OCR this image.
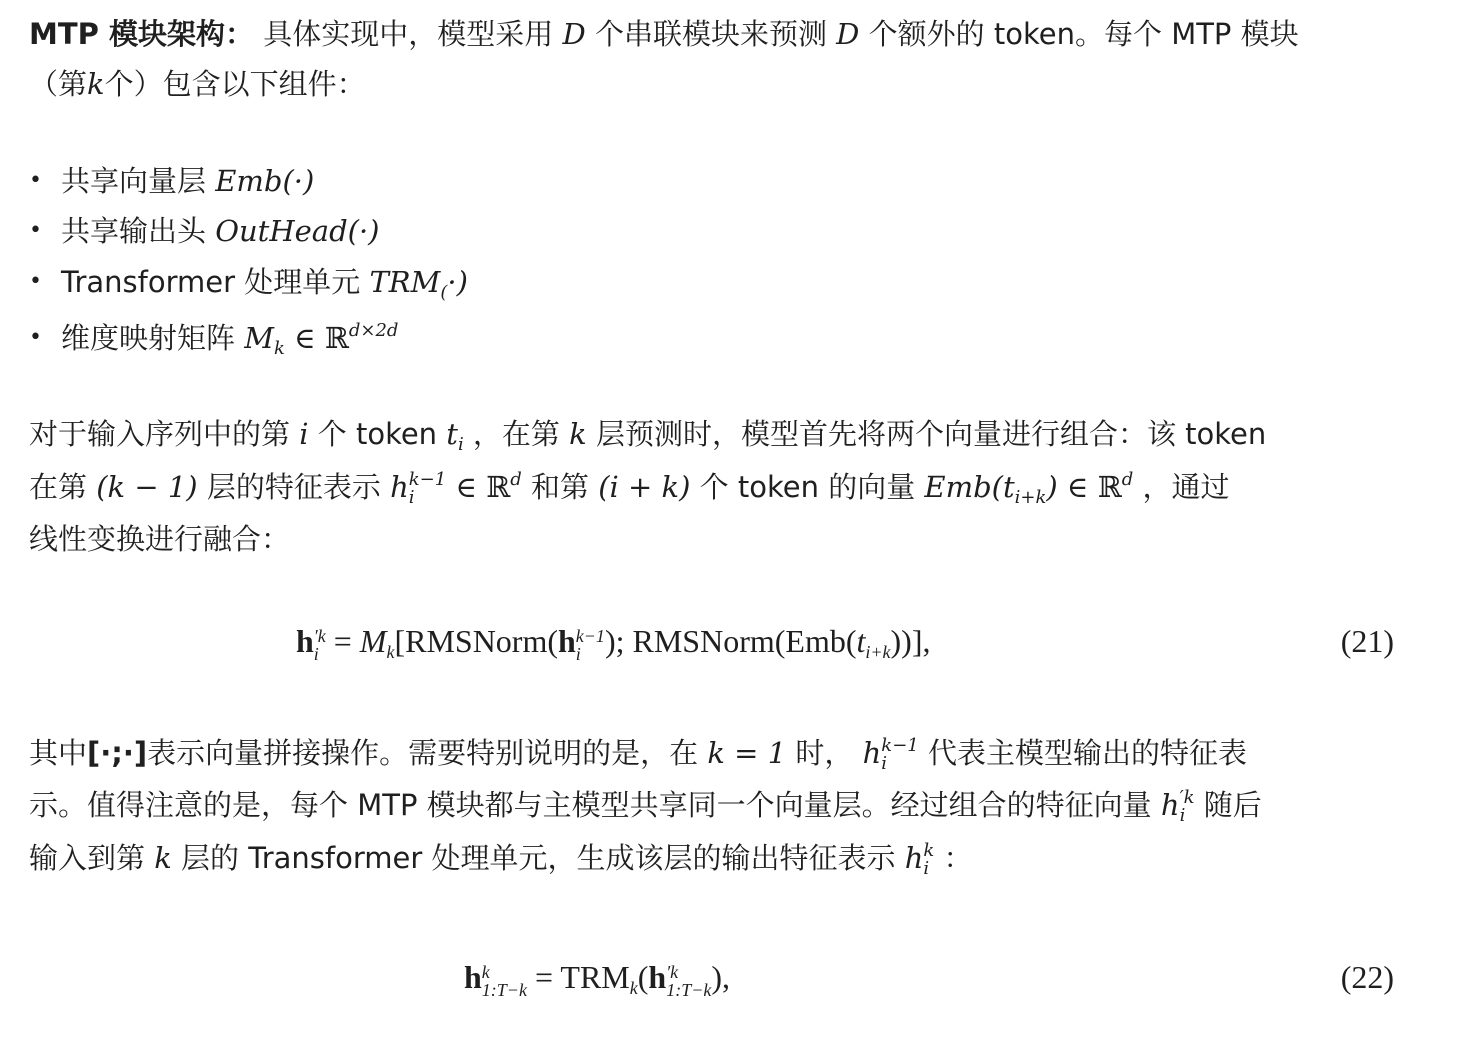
MTP 模块架构： 具体实现中，模型采用 D 个串联模块来预测 D 个额外的 token。每个 MTP 模块
（第k个）包含以下组件：
• 共享向量层 Emb(·)
• 共享输出头 OutHead(·)
• Transformer 处理单元 $TRM_(\cdot$)
• 维度映射矩阵 $M_k$ ∈ ℝ$^{d\times 2d}$
对于输入序列中的第 i 个 token $t_i$ ，在第 k 层预测时，模型首先将两个向量进行组合：该 token
在第 (k − 1) 层的特征表示 h k−1
i	∈ ℝ$^d$ 和第 (i + k) 个 token 的向量 $Emb(t_{i+k})$ ∈ ℝ$^d$ ，通过
线性变换进行融合：
h ′k
$i = M_k[RMSNorm(h$ k−1
i ); $RMSNorm(Emb(t_{i+k}))$],	(21)
其中[·;·]表示向量拼接操作。需要特别说明的是，在 k = 1 时， h k−1
i	代表主模型输出的特征表
示。值得注意的是，每个 MTP 模块都与主模型共享同一个向量层。经过组合的特征向量 h ′k
i 随后
输入到第 k 层的 Transformer 处理单元，生成该层的输出特征表示 h k
i ：
h k
1:T−k = $TRM_k(h$ ′k
1:T−k ),	(22)
